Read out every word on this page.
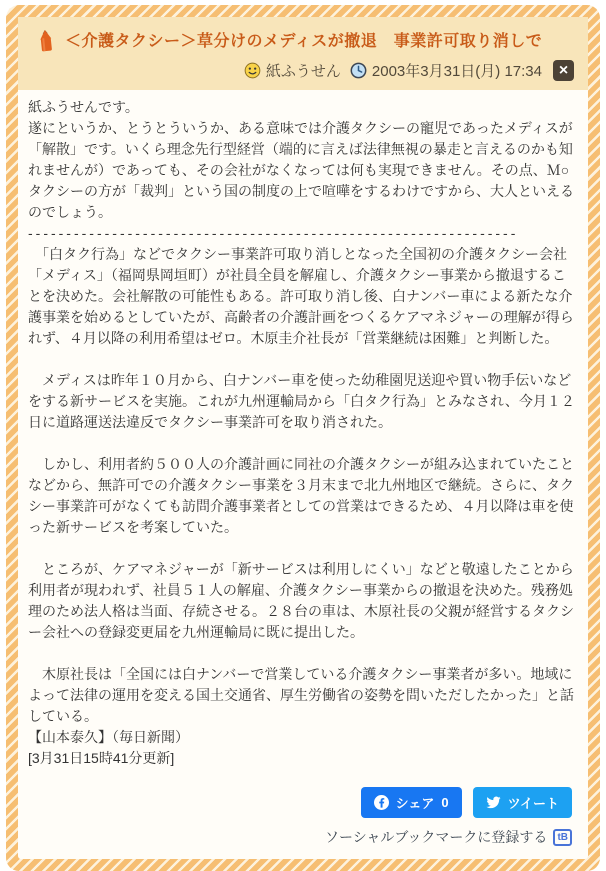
＜介護タクシー＞草分けのメディスが撤退　事業許可取り消しで
紙ふうせん 2003年3月31日(月) 17:34	×

紙ふうせんです。

遂にというか、とうとういうか、ある意味では介護タクシーの寵児であったメディスが「解散」です。いくら理念先行型経営（端的に言えば法律無視の暴走と言えるのかも知れませんが）であっても、その会社がなくなっては何も実現できません。その点、Ｍ○タクシーの方が「裁判」という国の制度の上で喧嘩をするわけですから、大人といえるのでしょう。

----------------------------------------------------------------

　「白タク行為」などでタクシー事業許可取り消しとなった全国初の介護タクシー会社「メディス」（福岡県岡垣町）が社員全員を解雇し、介護タクシー事業から撤退することを決めた。会社解散の可能性もある。許可取り消し後、白ナンバー車による新たな介護事業を始めるとしていたが、高齢者の介護計画をつくるケアマネジャーの理解が得られず、４月以降の利用希望はゼロ。木原圭介社長が「営業継続は困難」と判断した。

　メディスは昨年１０月から、白ナンバー車を使った幼稚園児送迎や買い物手伝いなどをする新サービスを実施。これが九州運輸局から「白タク行為」とみなされ、今月１２日に道路運送法違反でタクシー事業許可を取り消された。

　しかし、利用者約５００人の介護計画に同社の介護タクシーが組み込まれていたことなどから、無許可での介護タクシー事業を３月末まで北九州地区で継続。さらに、タクシー事業許可がなくても訪問介護事業者としての営業はできるため、４月以降は車を使った新サービスを考案していた。

　ところが、ケアマネジャーが「新サービスは利用しにくい」などと敬遠したことから利用者が現われず、社員５１人の解雇、介護タクシー事業からの撤退を決めた。残務処理のため法人格は当面、存続させる。２８台の車は、木原社長の父親が経営するタクシー会社への登録変更届を九州運輸局に既に提出した。

　木原社長は「全国には白ナンバーで営業している介護タクシー事業者が多い。地域によって法律の運用を変える国土交通省、厚生労働省の姿勢を問いただしたかった」と話している。

【山本泰久】（毎日新聞）

[3月31日15時41分更新]

シェア 0	ツイート
ソーシャルブックマークに登録する	tB
